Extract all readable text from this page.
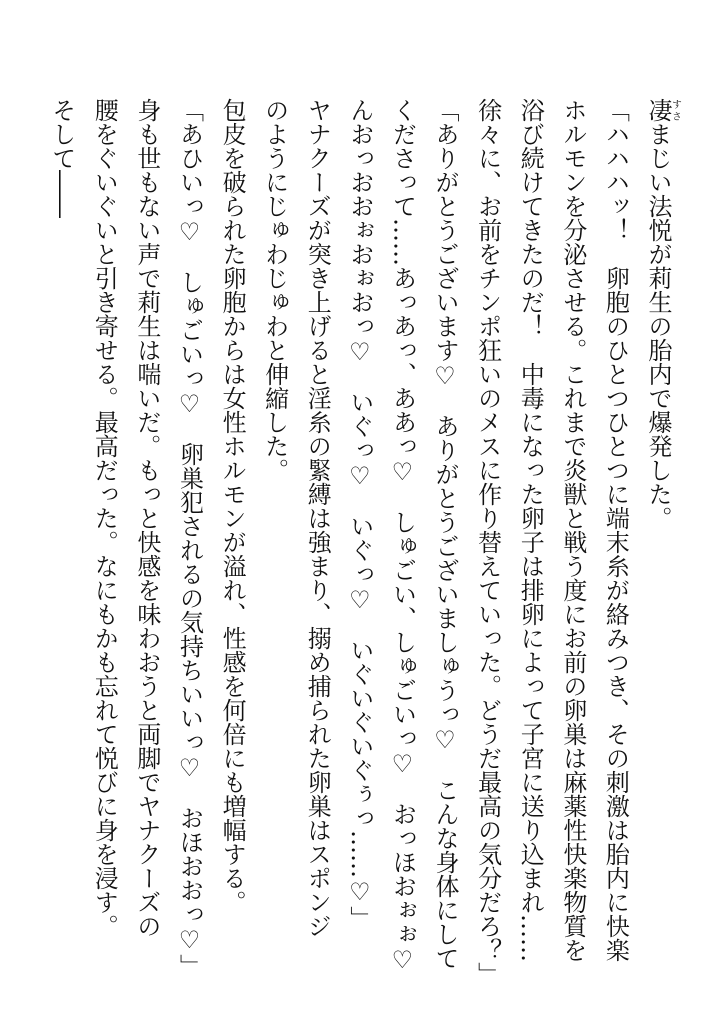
凄すさまじい法悦が莉生の胎内で爆発した。
「ハハハッ！　卵胞のひとつひとつに端末糸が絡みつき、その刺激は胎内に快楽
ホルモンを分泌させる。これまで炎獣と戦う度にお前の卵巣は麻薬性快楽物質を
浴び続けてきたのだ！　中毒になった卵子は排卵によって子宮に送り込まれ……
徐々に、お前をチンポ狂いのメスに作り替えていった。どうだ最高の気分だろ？」
「ありがとうございます♡　ありがとうございましゅうっ♡　こんな身体にして
くださって……あっあっ、ああっ♡　しゅごい、しゅごいっ♡　おっほおぉぉ♡
んおっおおぉおぉおっ♡　いぐっ♡　いぐっ♡　いぐいぐいぐぅっ……♡」
ヤナクーズが突き上げると淫糸の緊縛は強まり、搦め捕られた卵巣はスポンジ
のようにじゅわじゅわと伸縮した。
包皮を破られた卵胞からは女性ホルモンが溢れ、性感を何倍にも増幅する。
「あひいっ♡　しゅごいっ♡　卵巣犯されるの気持ちいいっ♡　おほおおっ♡」
身も世もない声で莉生は喘いだ。もっと快感を味わおうと両脚でヤナクーズの
腰をぐいぐいと引き寄せる。最高だった。なにもかも忘れて悦びに身を浸す。
そして――
